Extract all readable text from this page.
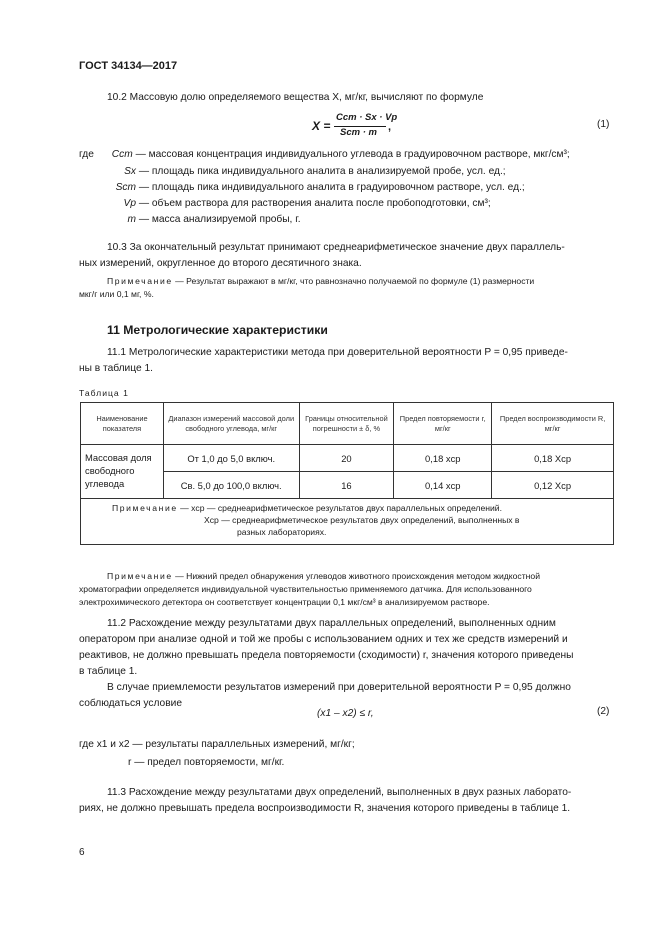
ГОСТ 34134—2017
10.2 Массовую долю определяемого вещества X, мг/кг, вычисляют по формуле
X =
Cст · Sx · Vр
Sст · m ,	(1)
где Cст — массовая концентрация индивидуального углевода в градуировочном растворе, мкг/см³;
Sx — площадь пика индивидуального аналита в анализируемой пробе, усл. ед.;
Sст — площадь пика индивидуального аналита в градуировочном растворе, усл. ед.;
Vр — объем раствора для растворения аналита после пробоподготовки, см³;
m — масса анализируемой пробы, г.
10.3 За окончательный результат принимают среднеарифметическое значение двух параллель-
ных измерений, округленное до второго десятичного знака.
Примечание — Результат выражают в мг/кг, что равнозначно получаемой по формуле (1) размерности
мкг/г или 0,1 мг, %.
11 Метрологические характеристики
11.1 Метрологические характеристики метода при доверительной вероятности P = 0,95 приведе-
ны в таблице 1.
Таблица 1
Наименование показателя	Диапазон измерений массовой доли свободного углевода, мг/кг	Границы относительной погрешности ± δ, %	Предел повторяемости r, мг/кг	Предел воспроизводимости R, мг/кг
Массовая доля свободного углевода	От 1,0 до 5,0 включ.	20	0,18 xср	0,18 Xср
	Св. 5,0 до 100,0 включ.	16	0,14 xср	0,12 Xср

Примечание — xср — среднеарифметическое результатов двух параллельных определений.
Xср — среднеарифметическое результатов двух определений, выполненных в
разных лабораториях.				
Примечание — Нижний предел обнаружения углеводов животного происхождения методом жидкостной
хроматографии определяется индивидуальной чувствительностью применяемого датчика. Для использованного
электрохимического детектора он соответствует концентрации 0,1 мкг/см³ в анализируемом растворе.
11.2 Расхождение между результатами двух параллельных определений, выполненных одним
оператором при анализе одной и той же пробы с использованием одних и тех же средств измерений и
реактивов, не должно превышать предела повторяемости (сходимости) r, значения которого приведены
в таблице 1.
В случае приемлемости результатов измерений при доверительной вероятности P = 0,95 должно
соблюдаться условие
(x1 – x2) ≤ r,	(2)
где x1 и x2 — результаты параллельных измерений, мг/кг;
r — предел повторяемости, мг/кг.
11.3 Расхождение между результатами двух определений, выполненных в двух разных лаборато-
риях, не должно превышать предела воспроизводимости R, значения которого приведены в таблице 1.
6
